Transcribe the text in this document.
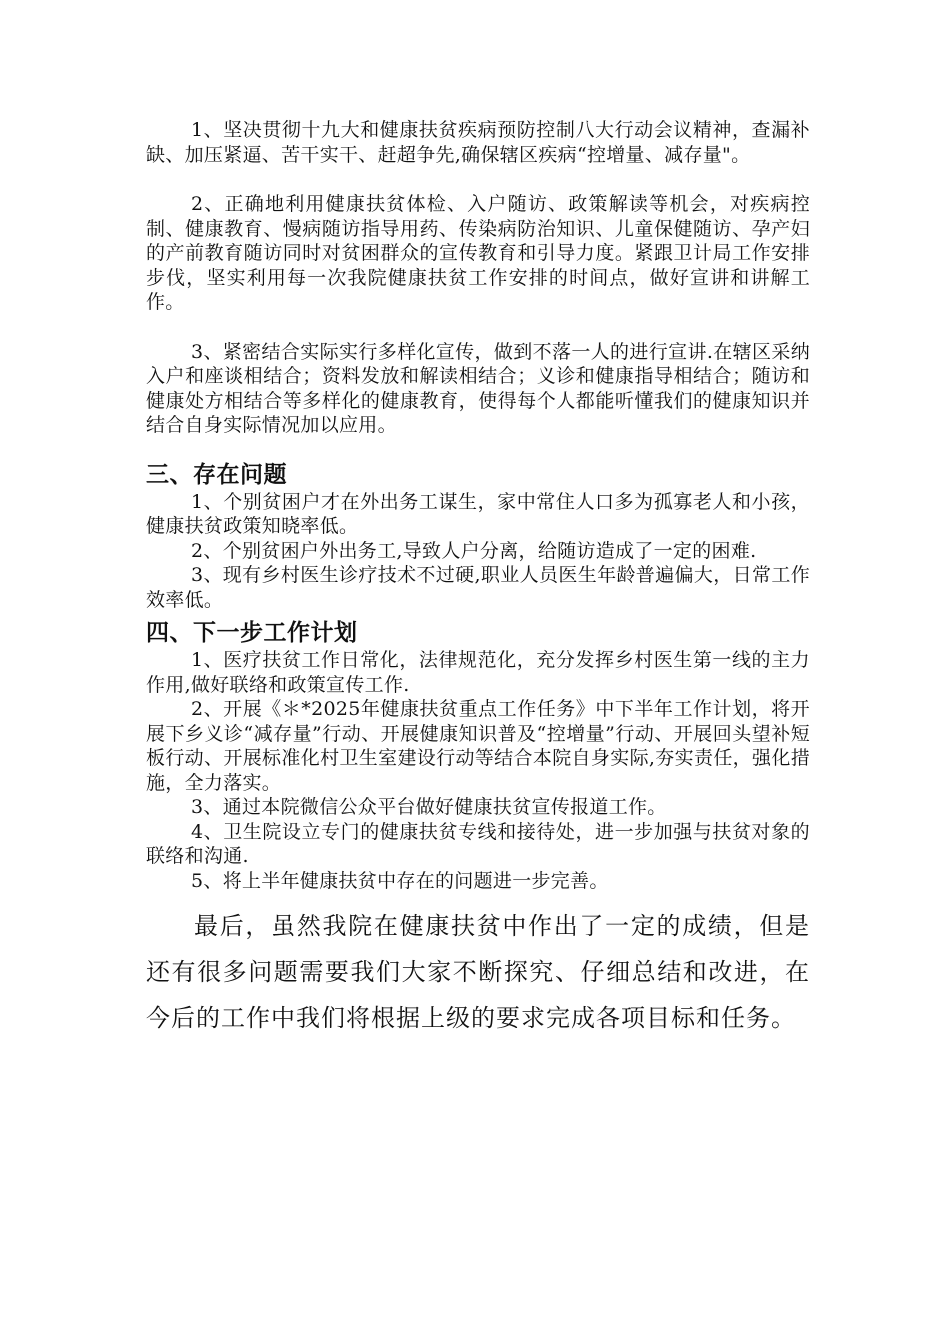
1、坚决贯彻十九大和健康扶贫疾病预防控制八大行动会议精神，查漏补缺、加压紧逼、苦干实干、赶超争先,确保辖区疾病“控增量、减存量"。

2、正确地利用健康扶贫体检、入户随访、政策解读等机会，对疾病控制、健康教育、慢病随访指导用药、传染病防治知识、儿童保健随访、孕产妇的产前教育随访同时对贫困群众的宣传教育和引导力度。紧跟卫计局工作安排步伐，坚实利用每一次我院健康扶贫工作安排的时间点，做好宣讲和讲解工作。

3、紧密结合实际实行多样化宣传，做到不落一人的进行宣讲.在辖区采纳入户和座谈相结合；资料发放和解读相结合；义诊和健康指导相结合；随访和健康处方相结合等多样化的健康教育，使得每个人都能听懂我们的健康知识并结合自身实际情况加以应用。

三、存在问题

1、个别贫困户才在外出务工谋生，家中常住人口多为孤寡老人和小孩，健康扶贫政策知晓率低。

2、个别贫困户外出务工,导致人户分离，给随访造成了一定的困难.

3、现有乡村医生诊疗技术不过硬,职业人员医生年龄普遍偏大，日常工作效率低。

四、下一步工作计划

1、医疗扶贫工作日常化，法律规范化，充分发挥乡村医生第一线的主力作用,做好联络和政策宣传工作.

2、开展《＊*2025年健康扶贫重点工作任务》中下半年工作计划，将开展下乡义诊“减存量”行动、开展健康知识普及“控增量”行动、开展回头望补短板行动、开展标准化村卫生室建设行动等结合本院自身实际,夯实责任，强化措施，全力落实。

3、通过本院微信公众平台做好健康扶贫宣传报道工作。

4、卫生院设立专门的健康扶贫专线和接待处，进一步加强与扶贫对象的联络和沟通.

5、将上半年健康扶贫中存在的问题进一步完善。

最后，虽然我院在健康扶贫中作出了一定的成绩，但是还有很多问题需要我们大家不断探究、仔细总结和改进，在今后的工作中我们将根据上级的要求完成各项目标和任务。
